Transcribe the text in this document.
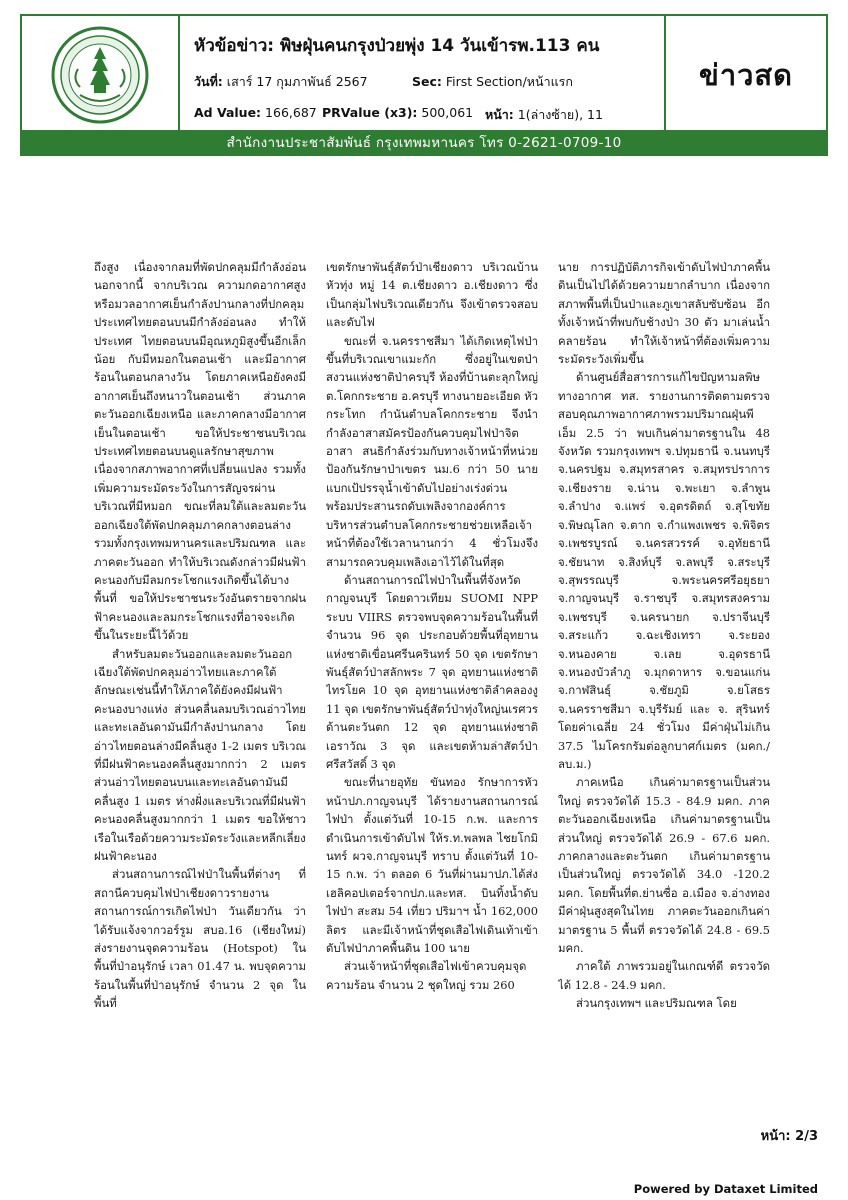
หัวข้อข่าว: พิษฝุ่นคนกรุงป่วยพุ่ง 14 วันเข้ารพ.113 คน
วันที่: เสาร์ 17 กุมภาพันธ์ 2567	Sec: First Section/หน้าแรก
Ad Value: 166,687 PRValue (x3): 500,061 หน้า: 1(ล่างซ้าย), 11
ข่าวสด
สำนักงานประชาสัมพันธ์ กรุงเทพมหานคร โทร 0-2621-0709-10

ถึงสูง เนื่องจากลมที่พัดปกคลุมมีกำลังอ่อน นอกจากนี้ จากบริเวณ ความกดอากาศสูง หรือมวลอากาศเย็นกำลังปานกลางที่ปกคลุมประเทศไทยตอนบนมีกำลังอ่อนลง ทำให้ประเทศ ไทยตอนบนมีอุณหภูมิสูงขึ้นอีกเล็กน้อย กับมีหมอกในตอนเช้า และมีอากาศร้อนในตอนกลางวัน โดยภาคเหนือยังคงมีอากาศเย็นถึงหนาวในตอนเช้า ส่วนภาคตะวันออกเฉียงเหนือ และภาคกลางมีอากาศเย็นในตอนเช้า ขอให้ประชาชนบริเวณประเทศไทยตอนบนดูแลรักษาสุขภาพเนื่องจากสภาพอากาศที่เปลี่ยนแปลง รวมทั้งเพิ่มความระมัดระวังในการสัญจรผ่านบริเวณที่มีหมอก ขณะที่ลมใต้และลมตะวันออกเฉียงใต้พัดปกคลุมภาคกลางตอนล่าง รวมทั้งกรุงเทพมหานครและปริมณฑล และภาคตะวันออก ทำให้บริเวณดังกล่าวมีฝนฟ้าคะนองกับมีลมกระโชกแรงเกิดขึ้นได้บางพื้นที่ ขอให้ประชาชนระวังอันตรายจากฝนฟ้าคะนองและลมกระโชกแรงที่อาจจะเกิดขึ้นในระยะนี้ไว้ด้วย

สำหรับลมตะวันออกและลมตะวันออกเฉียงใต้พัดปกคลุมอ่าวไทยและภาคใต้ ลักษณะเช่นนี้ทำให้ภาคใต้ยังคงมีฝนฟ้าคะนองบางแห่ง ส่วนคลื่นลมบริเวณอ่าวไทยและทะเลอันดามันมีกำลังปานกลาง โดยอ่าวไทยตอนล่างมีคลื่นสูง 1-2 เมตร บริเวณที่มีฝนฟ้าคะนองคลื่นสูงมากกว่า 2 เมตร ส่วนอ่าวไทยตอนบนและทะเลอันดามันมีคลื่นสูง 1 เมตร ห่างฝั่งและบริเวณที่มีฝนฟ้าคะนองคลื่นสูงมากกว่า 1 เมตร ขอให้ชาวเรือในเรือด้วยความระมัดระวังและหลีกเลี่ยงฝนฟ้าคะนอง

ส่วนสถานการณ์ไฟป่าในพื้นที่ต่างๆ ที่สถานีควบคุมไฟป่าเชียงดาวรายงานสถานการณ์การเกิดไฟป่า วันเดียวกัน ว่า ได้รับแจ้งจากวอร์รูม สบอ.16 (เชียงใหม่) ส่งรายงานจุดความร้อน (Hotspot) ในพื้นที่ป่าอนุรักษ์ เวลา 01.47 น. พบจุดความร้อนในพื้นที่ป่าอนุรักษ์ จำนวน 2 จุด ในพื้นที่

เขตรักษาพันธุ์สัตว์ป่าเชียงดาว บริเวณบ้านหัวทุ่ง หมู่ 14 ต.เชียงดาว อ.เชียงดาว ซึ่งเป็นกลุ่มไฟบริเวณเดียวกัน จึงเข้าตรวจสอบและดับไฟ

ขณะที่ จ.นครราชสีมา ได้เกิดเหตุไฟป่าขึ้นที่บริเวณเขาแมะกัก ซึ่งอยู่ในเขตป่าสงวนแห่งชาติป่าครบุรี ห้องที่บ้านตะลุกใหญ่ ต.โคกกระชาย อ.ครบุรี ทางนายอะเอียด หัวกระโทก กำนันตำบลโคกกระชาย จึงนำกำลังอาสาสมัครป้องกันควบคุมไฟป่าจิตอาสา สนธิกำลังร่วมกับทางเจ้าหน้าที่หน่วยป้องกันรักษาป่าเขตร นม.6 กว่า 50 นายแบกเป้ปรรจุน้ำเข้าดับไปอย่างเร่งด่วน พร้อมประสานรถดับเพลิงจากองค์การบริหารส่วนตำบลโคกกระชายช่วยเหลือเจ้าหน้าที่ต้องใช้เวลานานกว่า 4 ชั่วโมงจึงสามารถควบคุมเพลิงเอาไว้ได้ในที่สุด

ด้านสถานการณ์ไฟป่าในพื้นที่จังหวัดกาญจนบุรี โดยดาวเทียม SUOMI NPP ระบบ VIIRS ตรวจพบจุดความร้อนในพื้นที่ จำนวน 96 จุด ประกอบด้วยพื้นที่อุทยานแห่งชาติเขื่อนศรีนครินทร์ 50 จุด เขตรักษาพันธุ์สัตว์ป่าสลักพระ 7 จุด อุทยานแห่งชาติไทรโยค 10 จุด อุทยานแห่งชาติลำคลองงู 11 จุด เขตรักษาพันธุ์สัตว์ป่าทุ่งใหญ่นเรศวร ด้านตะวันตก 12 จุด อุทยานแห่งชาติเอราวัณ 3 จุด และเขตห้ามล่าสัตว์ป่าศรีสวัสดิ์ 3 จุด

ขณะที่นายอุทัย ขันทอง รักษาการหัวหน้าปภ.กาญจนบุรี ได้รายงานสถานการณ์ไฟป่า ตั้งแต่วันที่ 10-15 ก.พ. และการดำเนินการเข้าดับไฟ ให้ร.ท.พลพล ไชยโกมินทร์ ผวจ.กาญจนบุรี ทราบ ตั้งแต่วันที่ 10-15 ก.พ. ว่า ตลอด 6 วันที่ผ่านมาปภ.ได้ส่งเฮลิคอปเตอร์จากปภ.และทส. บินทิ้งน้ำดับไฟป่า สะสม 54 เที่ยว ปริมาฯ น้ำ 162,000 ลิตร และมีเจ้าหน้าที่ชุดเสือไฟเดินเท้าเข้าดับไฟป่าภาคพื้นดิน 100 นาย

ส่วนเจ้าหน้าที่ชุดเสือไฟเข้าควบคุมจุดความร้อน จำนวน 2 ชุดใหญ่ รวม 260

นาย การปฏิบัติภารกิจเข้าดับไฟป่าภาคพื้นดินเป็นไปได้ด้วยความยากลำบาก เนื่องจากสภาพพื้นที่เป็นป่าและภูเขาสลับซับซ้อน อีกทั้งเจ้าหน้าที่พบกับช้างป่า 30 ตัว มาเล่นน้ำคลายร้อน ทำให้เจ้าหน้าที่ต้องเพิ่มความระมัดระวังเพิ่มขึ้น

ด้านศูนย์สื่อสารการแก้ไขปัญหามลพิษทางอากาศ ทส. รายงานการติดตามตรวจสอบคุณภาพอากาศภาพรวมปริมาณฝุ่นพีเอ็ม 2.5 ว่า พบเกินค่ามาตรฐานใน 48 จังหวัด รวมกรุงเทพฯ จ.ปทุมธานี จ.นนทบุรี จ.นครปฐม จ.สมุทรสาคร จ.สมุทรปราการ จ.เชียงราย จ.น่าน จ.พะเยา จ.ลำพูน จ.ลำปาง จ.แพร่ จ.อุตรดิตถ์ จ.สุโขทัย จ.พิษณุโลก จ.ตาก จ.กำแพงเพชร จ.พิจิตร จ.เพชรบูรณ์ จ.นครสวรรค์ จ.อุทัยธานี จ.ชัยนาท จ.สิงห์บุรี จ.ลพบุรี จ.สระบุรี จ.สุพรรณบุรี จ.พระนครศรีอยุธยา จ.กาญจนบุรี จ.ราชบุรี จ.สมุทรสงคราม จ.เพชรบุรี จ.นครนายก จ.ปราจีนบุรี จ.สระแก้ว จ.ฉะเชิงเทรา จ.ระยอง จ.หนองคาย จ.เลย จ.อุดรธานี จ.หนองบัวลำภู จ.มุกดาหาร จ.ขอนแก่น จ.กาฬสินธุ์ จ.ชัยภูมิ จ.ยโสธร จ.นครราชสีมา จ.บุรีรัมย์ และ จ. สุรินทร์ โดยค่าเฉลี่ย 24 ชั่วโมง มีค่าฝุ่นไม่เกิน 37.5 ไมโครกรัมต่อลูกบาศก์เมตร (มคก./ลบ.ม.)

ภาคเหนือ เกินค่ามาตรฐานเป็นส่วนใหญ่ ตรวจวัดได้ 15.3 - 84.9 มคก. ภาคตะวันออกเฉียงเหนือ เกินค่ามาตรฐานเป็นส่วนใหญ่ ตรวจวัดได้ 26.9 - 67.6 มคก. ภาคกลางและตะวันตก เกินค่ามาตรฐานเป็นส่วนใหญ่ ตรวจวัดได้ 34.0 -120.2 มคก. โดยพื้นที่ต.ย่านซื่อ อ.เมือง จ.อ่างทอง มีค่าฝุ่นสูงสุดในไทย ภาคตะวันออกเกินค่ามาตรฐาน 5 พื้นที่ ตรวจวัดได้ 24.8 - 69.5 มคก.

ภาคใต้ ภาพรวมอยู่ในเกณฑ์ดี ตรวจวัดได้ 12.8 - 24.9 มคก.

ส่วนกรุงเทพฯ และปริมณฑล โดย

หน้า: 2/3
Powered by Dataxet Limited
